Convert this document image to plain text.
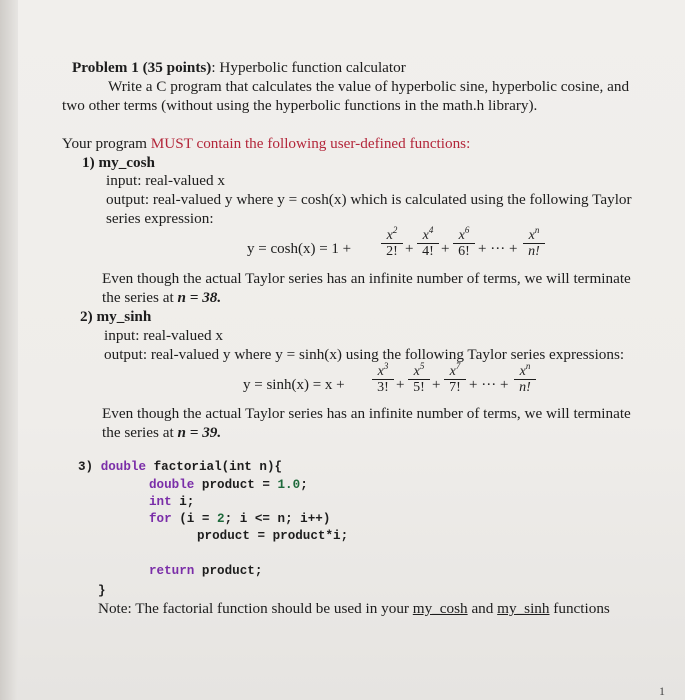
Problem 1 (35 points): Hyperbolic function calculator
Write a C program that calculates the value of hyperbolic sine, hyperbolic cosine, and
two other terms (without using the hyperbolic functions in the math.h library).
Your program MUST contain the following user-defined functions:
1) my_cosh
input: real-valued x
output: real-valued y where y = cosh(x) which is calculated using the following Taylor
series expression:
$y = \cosh(x) = 1 + \frac{x^2}{2!} + \frac{x^4}{4!} + \frac{x^6}{6!}$ + ··· + $\frac{x^n}{n!}$
Even though the actual Taylor series has an infinite number of terms, we will terminate
the series at n = 38.
2) my_sinh
input: real-valued x
output: real-valued y where y = sinh(x) using the following Taylor series expressions:
$y = \sinh(x) = x + \frac{x^3}{3!} + \frac{x^5}{5!} + \frac{x^7}{7!}$ + ··· + $\frac{x^n}{n!}$
Even though the actual Taylor series has an infinite number of terms, we will terminate
the series at n = 39.
3) double factorial(int n){
double product = 1.0;
int i;
for (i = 2; i <= n; i++)
product = product*i;
return product;
}
Note: The factorial function should be used in your my_cosh and my_sinh functions
1
